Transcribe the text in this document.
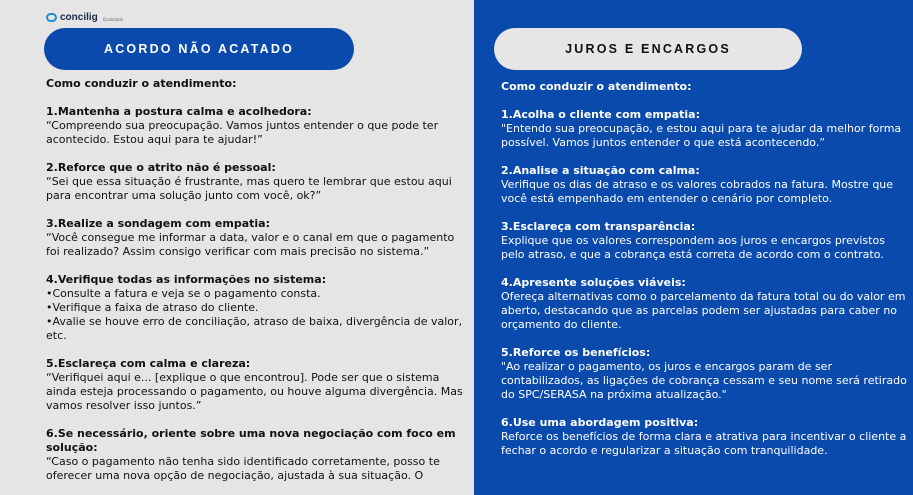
concilig Qualidade
ACORDO NÃO ACATADO

Como conduzir o atendimento:

1.Mantenha a postura calma e acolhedora:

“Compreendo sua preocupação. Vamos juntos entender o que pode ter acontecido. Estou aqui para te ajudar!”

2.Reforce que o atrito não é pessoal:

“Sei que essa situação é frustrante, mas quero te lembrar que estou aqui para encontrar uma solução junto com você, ok?”

3.Realize a sondagem com empatia:

“Você consegue me informar a data, valor e o canal em que o pagamento foi realizado? Assim consigo verificar com mais precisão no sistema.”

4.Verifique todas as informações no sistema:
•Consulte a fatura e veja se o pagamento consta.
•Verifique a faixa de atraso do cliente.
•Avalie se houve erro de conciliação, atraso de baixa, divergência de valor, etc.
5.Esclareça com calma e clareza:

“Verifiquei aqui e... [explique o que encontrou]. Pode ser que o sistema ainda esteja processando o pagamento, ou houve alguma divergência. Mas vamos resolver isso juntos.”

6.Se necessário, oriente sobre uma nova negociação com foco em solução:

“Caso o pagamento não tenha sido identificado corretamente, posso te oferecer uma nova opção de negociação, ajustada à sua situação. O

JUROS E ENCARGOS

Como conduzir o atendimento:

1.Acolha o cliente com empatia:

"Entendo sua preocupação, e estou aqui para te ajudar da melhor forma possível. Vamos juntos entender o que está acontecendo.”

2.Analise a situação com calma:

Verifique os dias de atraso e os valores cobrados na fatura. Mostre que você está empenhado em entender o cenário por completo.

3.Esclareça com transparência:

Explique que os valores correspondem aos juros e encargos previstos pelo atraso, e que a cobrança está correta de acordo com o contrato.

4.Apresente soluções viáveis:

Ofereça alternativas como o parcelamento da fatura total ou do valor em aberto, destacando que as parcelas podem ser ajustadas para caber no orçamento do cliente.

5.Reforce os benefícios:

"Ao realizar o pagamento, os juros e encargos param de ser contabilizados, as ligações de cobrança cessam e seu nome será retirado do SPC/SERASA na próxima atualização."

6.Use uma abordagem positiva:

Reforce os benefícios de forma clara e atrativa para incentivar o cliente a fechar o acordo e regularizar a situação com tranquilidade.
